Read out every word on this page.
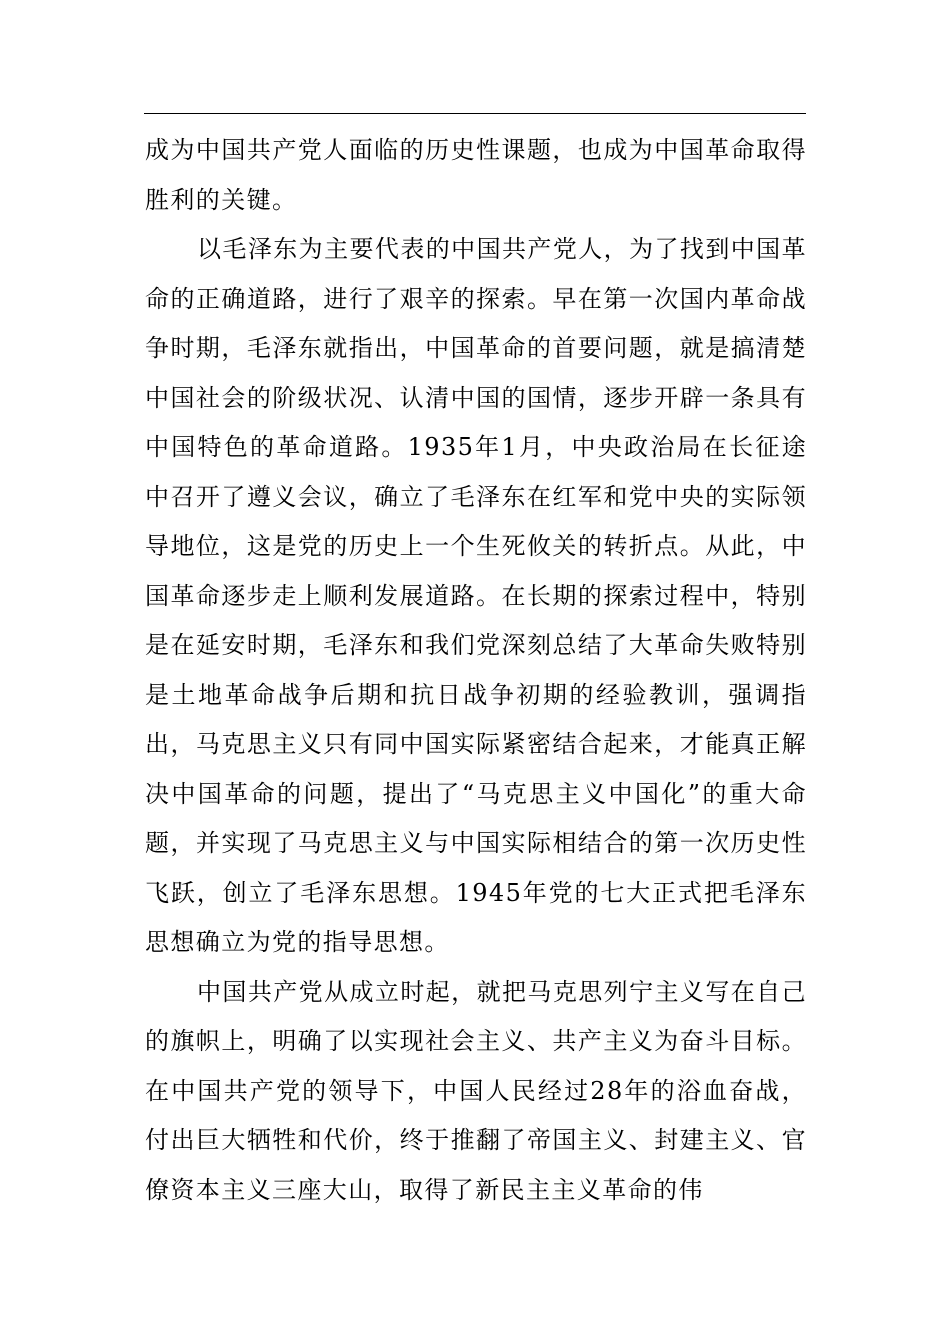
成为中国共产党人面临的历史性课题，也成为中国革命取得胜利的关键。

以毛泽东为主要代表的中国共产党人，为了找到中国革命的正确道路，进行了艰辛的探索。早在第一次国内革命战争时期，毛泽东就指出，中国革命的首要问题，就是搞清楚中国社会的阶级状况、认清中国的国情，逐步开辟一条具有中国特色的革命道路。1935年1月，中央政治局在长征途中召开了遵义会议，确立了毛泽东在红军和党中央的实际领导地位，这是党的历史上一个生死攸关的转折点。从此，中国革命逐步走上顺利发展道路。在长期的探索过程中，特别是在延安时期，毛泽东和我们党深刻总结了大革命失败特别是土地革命战争后期和抗日战争初期的经验教训，强调指出，马克思主义只有同中国实际紧密结合起来，才能真正解决中国革命的问题，提出了“马克思主义中国化”的重大命题，并实现了马克思主义与中国实际相结合的第一次历史性飞跃，创立了毛泽东思想。1945年党的七大正式把毛泽东思想确立为党的指导思想。

中国共产党从成立时起，就把马克思列宁主义写在自己的旗帜上，明确了以实现社会主义、共产主义为奋斗目标。在中国共产党的领导下，中国人民经过28年的浴血奋战，付出巨大牺牲和代价，终于推翻了帝国主义、封建主义、官僚资本主义三座大山，取得了新民主主义革命的伟
